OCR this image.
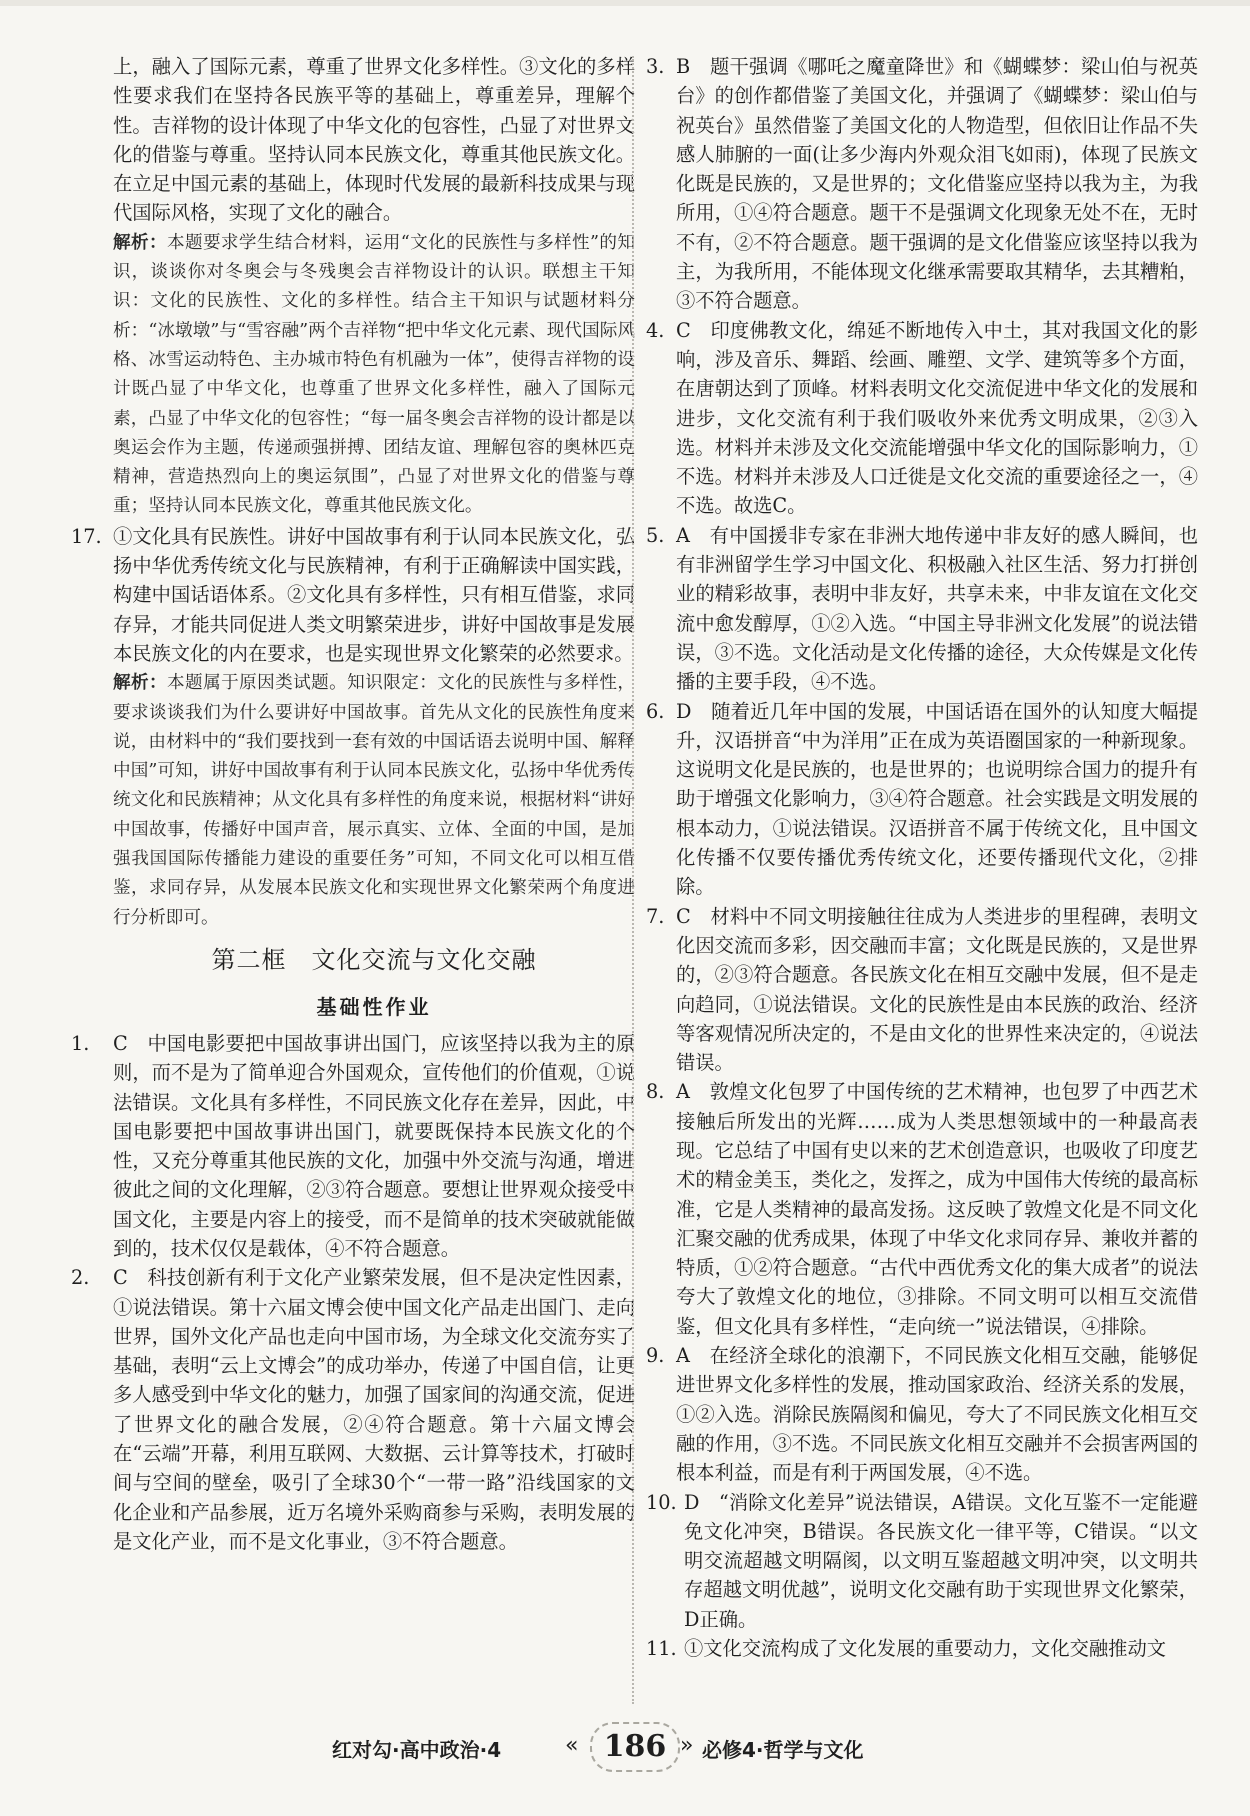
上，融入了国际元素，尊重了世界文化多样性。③文化的多样性要求我们在坚持各民族平等的基础上，尊重差异，理解个性。吉祥物的设计体现了中华文化的包容性，凸显了对世界文化的借鉴与尊重。坚持认同本民族文化，尊重其他民族文化。在立足中国元素的基础上，体现时代发展的最新科技成果与现代国际风格，实现了文化的融合。

解析：本题要求学生结合材料，运用“文化的民族性与多样性”的知识，谈谈你对冬奥会与冬残奥会吉祥物设计的认识。联想主干知识：文化的民族性、文化的多样性。结合主干知识与试题材料分析：“冰墩墩”与“雪容融”两个吉祥物“把中华文化元素、现代国际风格、冰雪运动特色、主办城市特色有机融为一体”，使得吉祥物的设计既凸显了中华文化，也尊重了世界文化多样性，融入了国际元素，凸显了中华文化的包容性；“每一届冬奥会吉祥物的设计都是以奥运会作为主题，传递顽强拼搏、团结友谊、理解包容的奥林匹克精神，营造热烈向上的奥运氛围”，凸显了对世界文化的借鉴与尊重；坚持认同本民族文化，尊重其他民族文化。

17. ①文化具有民族性。讲好中国故事有利于认同本民族文化，弘扬中华优秀传统文化与民族精神，有利于正确解读中国实践，构建中国话语体系。②文化具有多样性，只有相互借鉴，求同存异，才能共同促进人类文明繁荣进步，讲好中国故事是发展本民族文化的内在要求，也是实现世界文化繁荣的必然要求。

解析：本题属于原因类试题。知识限定：文化的民族性与多样性，要求谈谈我们为什么要讲好中国故事。首先从文化的民族性角度来说，由材料中的“我们要找到一套有效的中国话语去说明中国、解释中国”可知，讲好中国故事有利于认同本民族文化，弘扬中华优秀传统文化和民族精神；从文化具有多样性的角度来说，根据材料“讲好中国故事，传播好中国声音，展示真实、立体、全面的中国，是加强我国国际传播能力建设的重要任务”可知，不同文化可以相互借鉴，求同存异，从发展本民族文化和实现世界文化繁荣两个角度进行分析即可。

第二框　文化交流与文化交融
基础性作业
1.	C　中国电影要把中国故事讲出国门，应该坚持以我为主的原则，而不是为了简单迎合外国观众，宣传他们的价值观，①说法错误。文化具有多样性，不同民族文化存在差异，因此，中国电影要把中国故事讲出国门，就要既保持本民族文化的个性，又充分尊重其他民族的文化，加强中外交流与沟通，增进彼此之间的文化理解，②③符合题意。要想让世界观众接受中国文化，主要是内容上的接受，而不是简单的技术突破就能做到的，技术仅仅是载体，④不符合题意。

2.	C　科技创新有利于文化产业繁荣发展，但不是决定性因素，①说法错误。第十六届文博会使中国文化产品走出国门、走向世界，国外文化产品也走向中国市场，为全球文化交流夯实了基础，表明“云上文博会”的成功举办，传递了中国自信，让更多人感受到中华文化的魅力，加强了国家间的沟通交流，促进了世界文化的融合发展，②④符合题意。第十六届文博会在“云端”开幕，利用互联网、大数据、云计算等技术，打破时间与空间的壁垒，吸引了全球30个“一带一路”沿线国家的文化企业和产品参展，近万名境外采购商参与采购，表明发展的是文化产业，而不是文化事业，③不符合题意。

3. B　题干强调《哪吒之魔童降世》和《蝴蝶梦：梁山伯与祝英台》的创作都借鉴了美国文化，并强调了《蝴蝶梦：梁山伯与祝英台》虽然借鉴了美国文化的人物造型，但依旧让作品不失感人肺腑的一面(让多少海内外观众泪飞如雨)，体现了民族文化既是民族的，又是世界的；文化借鉴应坚持以我为主，为我所用，①④符合题意。题干不是强调文化现象无处不在，无时不有，②不符合题意。题干强调的是文化借鉴应该坚持以我为主，为我所用，不能体现文化继承需要取其精华，去其糟粕，③不符合题意。

4. C　印度佛教文化，绵延不断地传入中土，其对我国文化的影响，涉及音乐、舞蹈、绘画、雕塑、文学、建筑等多个方面，在唐朝达到了顶峰。材料表明文化交流促进中华文化的发展和进步，文化交流有利于我们吸收外来优秀文明成果，②③入选。材料并未涉及文化交流能增强中华文化的国际影响力，①不选。材料并未涉及人口迁徙是文化交流的重要途径之一，④不选。故选C。

5. A　有中国援非专家在非洲大地传递中非友好的感人瞬间，也有非洲留学生学习中国文化、积极融入社区生活、努力打拼创业的精彩故事，表明中非友好，共享未来，中非友谊在文化交流中愈发醇厚，①②入选。“中国主导非洲文化发展”的说法错误，③不选。文化活动是文化传播的途径，大众传媒是文化传播的主要手段，④不选。

6. D　随着近几年中国的发展，中国话语在国外的认知度大幅提升，汉语拼音“中为洋用”正在成为英语圈国家的一种新现象。这说明文化是民族的，也是世界的；也说明综合国力的提升有助于增强文化影响力，③④符合题意。社会实践是文明发展的根本动力，①说法错误。汉语拼音不属于传统文化，且中国文化传播不仅要传播优秀传统文化，还要传播现代文化，②排除。

7. C　材料中不同文明接触往往成为人类进步的里程碑，表明文化因交流而多彩，因交融而丰富；文化既是民族的，又是世界的，②③符合题意。各民族文化在相互交融中发展，但不是走向趋同，①说法错误。文化的民族性是由本民族的政治、经济等客观情况所决定的，不是由文化的世界性来决定的，④说法错误。

8. A　敦煌文化包罗了中国传统的艺术精神，也包罗了中西艺术接触后所发出的光辉……成为人类思想领域中的一种最高表现。它总结了中国有史以来的艺术创造意识，也吸收了印度艺术的精金美玉，类化之，发挥之，成为中国伟大传统的最高标准，它是人类精神的最高发扬。这反映了敦煌文化是不同文化汇聚交融的优秀成果，体现了中华文化求同存异、兼收并蓄的特质，①②符合题意。“古代中西优秀文化的集大成者”的说法夸大了敦煌文化的地位，③排除。不同文明可以相互交流借鉴，但文化具有多样性，“走向统一”说法错误，④排除。

9. A　在经济全球化的浪潮下，不同民族文化相互交融，能够促进世界文化多样性的发展，推动国家政治、经济关系的发展，①②入选。消除民族隔阂和偏见，夸大了不同民族文化相互交融的作用，③不选。不同民族文化相互交融并不会损害两国的根本利益，而是有利于两国发展，④不选。

10. D　“消除文化差异”说法错误，A错误。文化互鉴不一定能避免文化冲突，B错误。各民族文化一律平等，C错误。“以文明交流超越文明隔阂，以文明互鉴超越文明冲突，以文明共存超越文明优越”，说明文化交融有助于实现世界文化繁荣，D正确。

11. ①文化交流构成了文化发展的重要动力，文化交融推动文

红对勾·高中政治·4	« 186 » 必修4·哲学与文化
